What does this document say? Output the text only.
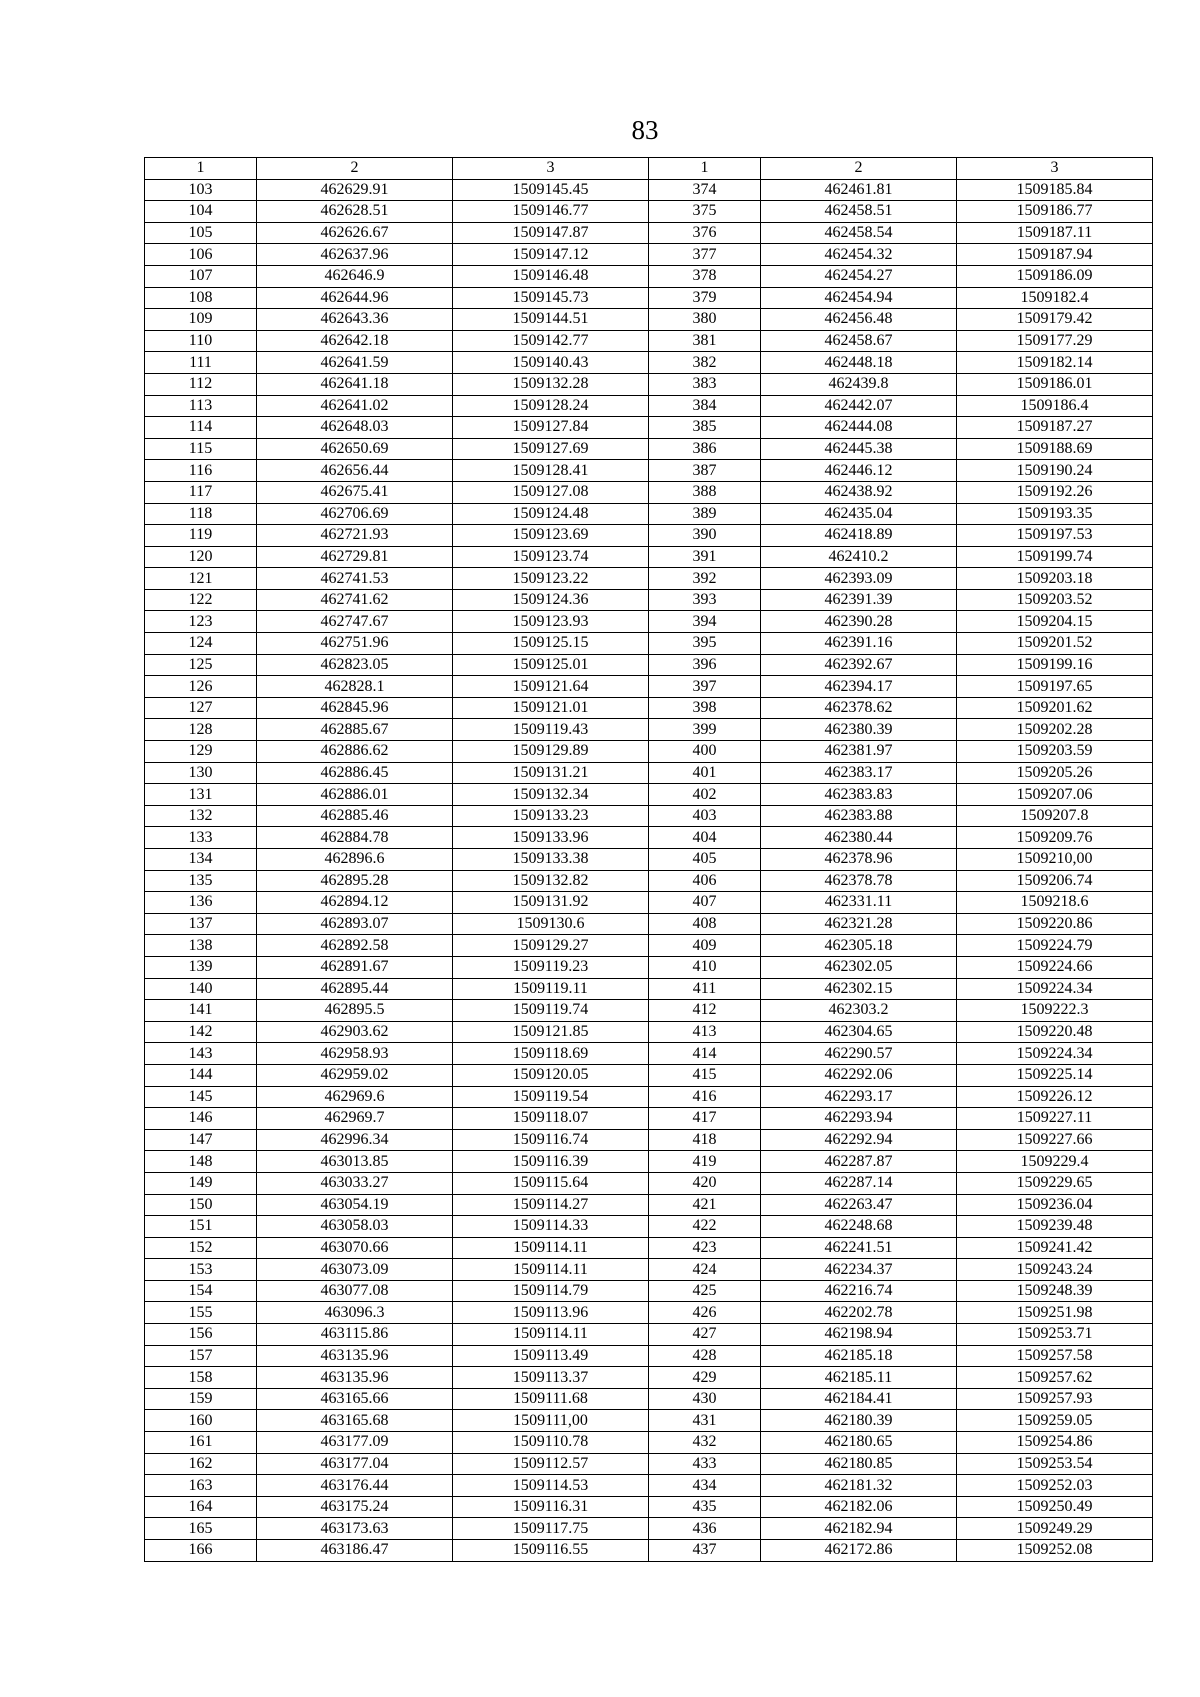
83
1	2	3	1	2	3
103	462629.91	1509145.45	374	462461.81	1509185.84
104	462628.51	1509146.77	375	462458.51	1509186.77
105	462626.67	1509147.87	376	462458.54	1509187.11
106	462637.96	1509147.12	377	462454.32	1509187.94
107	462646.9	1509146.48	378	462454.27	1509186.09
108	462644.96	1509145.73	379	462454.94	1509182.4
109	462643.36	1509144.51	380	462456.48	1509179.42
110	462642.18	1509142.77	381	462458.67	1509177.29
111	462641.59	1509140.43	382	462448.18	1509182.14
112	462641.18	1509132.28	383	462439.8	1509186.01
113	462641.02	1509128.24	384	462442.07	1509186.4
114	462648.03	1509127.84	385	462444.08	1509187.27
115	462650.69	1509127.69	386	462445.38	1509188.69
116	462656.44	1509128.41	387	462446.12	1509190.24
117	462675.41	1509127.08	388	462438.92	1509192.26
118	462706.69	1509124.48	389	462435.04	1509193.35
119	462721.93	1509123.69	390	462418.89	1509197.53
120	462729.81	1509123.74	391	462410.2	1509199.74
121	462741.53	1509123.22	392	462393.09	1509203.18
122	462741.62	1509124.36	393	462391.39	1509203.52
123	462747.67	1509123.93	394	462390.28	1509204.15
124	462751.96	1509125.15	395	462391.16	1509201.52
125	462823.05	1509125.01	396	462392.67	1509199.16
126	462828.1	1509121.64	397	462394.17	1509197.65
127	462845.96	1509121.01	398	462378.62	1509201.62
128	462885.67	1509119.43	399	462380.39	1509202.28
129	462886.62	1509129.89	400	462381.97	1509203.59
130	462886.45	1509131.21	401	462383.17	1509205.26
131	462886.01	1509132.34	402	462383.83	1509207.06
132	462885.46	1509133.23	403	462383.88	1509207.8
133	462884.78	1509133.96	404	462380.44	1509209.76
134	462896.6	1509133.38	405	462378.96	1509210,00
135	462895.28	1509132.82	406	462378.78	1509206.74
136	462894.12	1509131.92	407	462331.11	1509218.6
137	462893.07	1509130.6	408	462321.28	1509220.86
138	462892.58	1509129.27	409	462305.18	1509224.79
139	462891.67	1509119.23	410	462302.05	1509224.66
140	462895.44	1509119.11	411	462302.15	1509224.34
141	462895.5	1509119.74	412	462303.2	1509222.3
142	462903.62	1509121.85	413	462304.65	1509220.48
143	462958.93	1509118.69	414	462290.57	1509224.34
144	462959.02	1509120.05	415	462292.06	1509225.14
145	462969.6	1509119.54	416	462293.17	1509226.12
146	462969.7	1509118.07	417	462293.94	1509227.11
147	462996.34	1509116.74	418	462292.94	1509227.66
148	463013.85	1509116.39	419	462287.87	1509229.4
149	463033.27	1509115.64	420	462287.14	1509229.65
150	463054.19	1509114.27	421	462263.47	1509236.04
151	463058.03	1509114.33	422	462248.68	1509239.48
152	463070.66	1509114.11	423	462241.51	1509241.42
153	463073.09	1509114.11	424	462234.37	1509243.24
154	463077.08	1509114.79	425	462216.74	1509248.39
155	463096.3	1509113.96	426	462202.78	1509251.98
156	463115.86	1509114.11	427	462198.94	1509253.71
157	463135.96	1509113.49	428	462185.18	1509257.58
158	463135.96	1509113.37	429	462185.11	1509257.62
159	463165.66	1509111.68	430	462184.41	1509257.93
160	463165.68	1509111,00	431	462180.39	1509259.05
161	463177.09	1509110.78	432	462180.65	1509254.86
162	463177.04	1509112.57	433	462180.85	1509253.54
163	463176.44	1509114.53	434	462181.32	1509252.03
164	463175.24	1509116.31	435	462182.06	1509250.49
165	463173.63	1509117.75	436	462182.94	1509249.29
166	463186.47	1509116.55	437	462172.86	1509252.08
